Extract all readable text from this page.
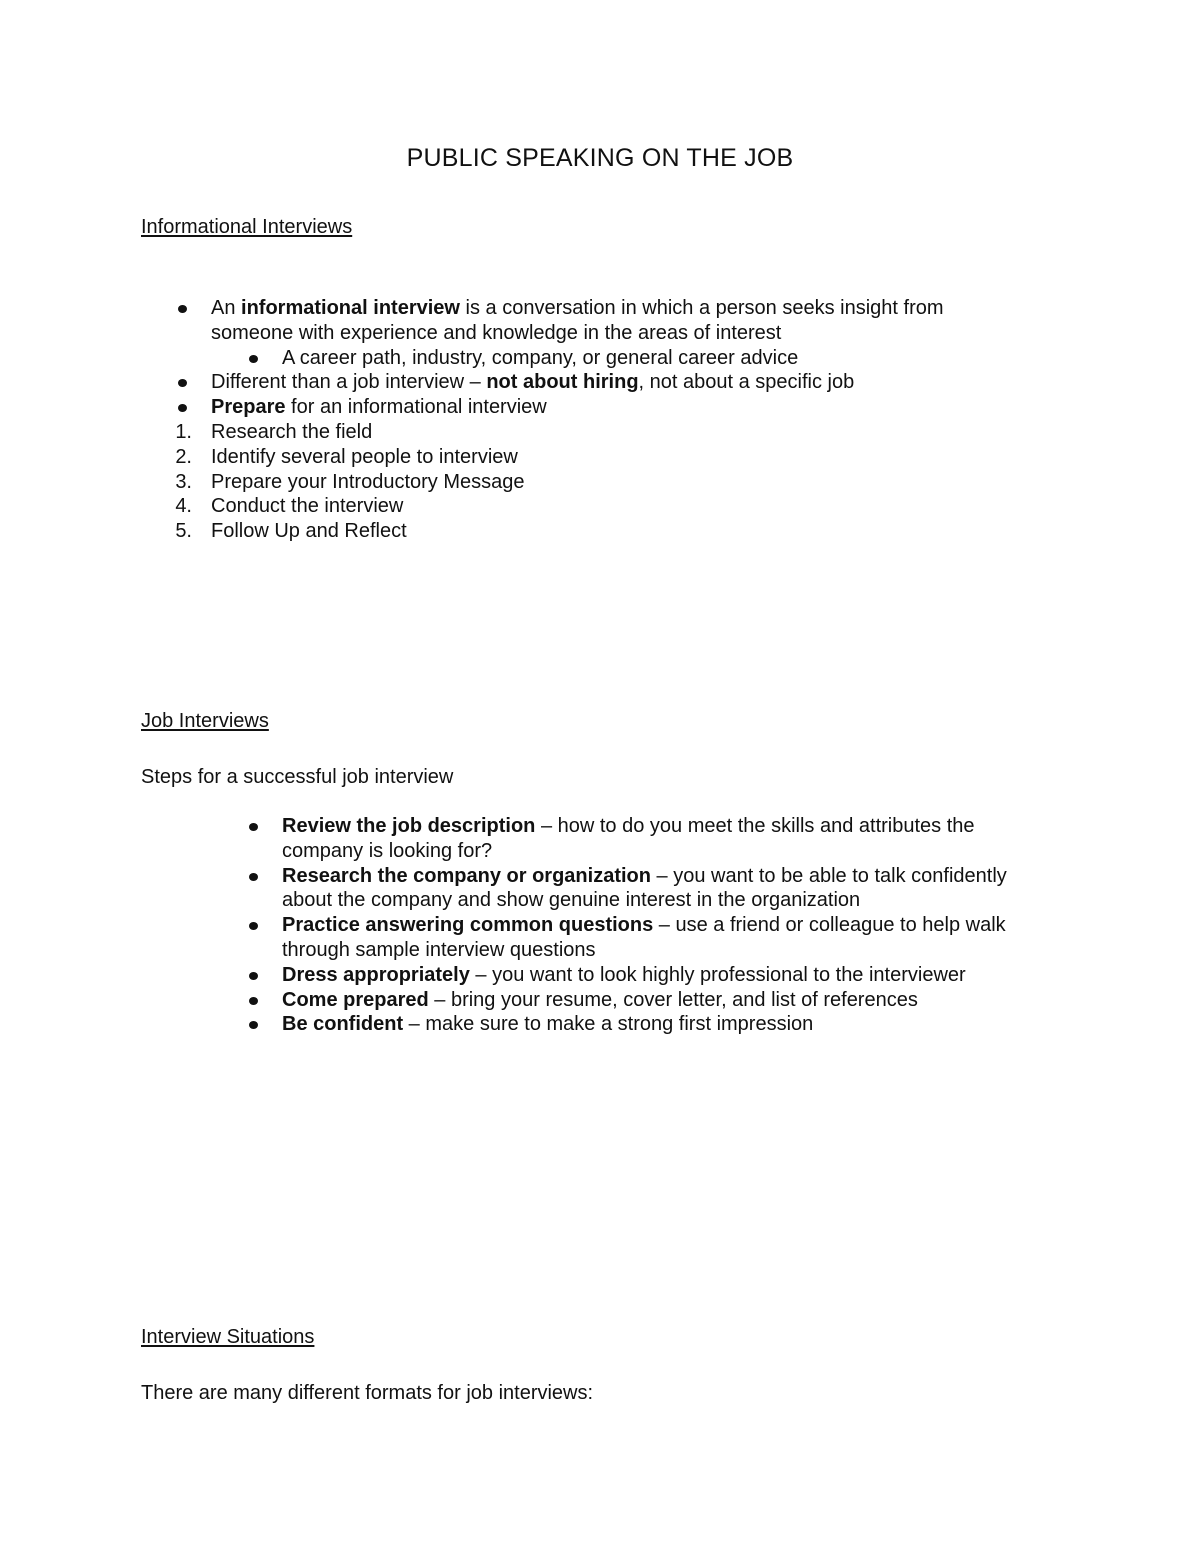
PUBLIC SPEAKING ON THE JOB
Informational Interviews
An informational interview is a conversation in which a person seeks insight from someone with experience and knowledge in the areas of interest
A career path, industry, company, or general career advice
Different than a job interview – not about hiring, not about a specific job
Prepare for an informational interview
1. Research the field
2. Identify several people to interview
3. Prepare your Introductory Message
4. Conduct the interview
5. Follow Up and Reflect
Job Interviews
Steps for a successful job interview
Review the job description – how to do you meet the skills and attributes the company is looking for?
Research the company or organization – you want to be able to talk confidently about the company and show genuine interest in the organization
Practice answering common questions – use a friend or colleague to help walk through sample interview questions
Dress appropriately – you want to look highly professional to the interviewer
Come prepared – bring your resume, cover letter, and list of references
Be confident – make sure to make a strong first impression
Interview Situations
There are many different formats for job interviews:
